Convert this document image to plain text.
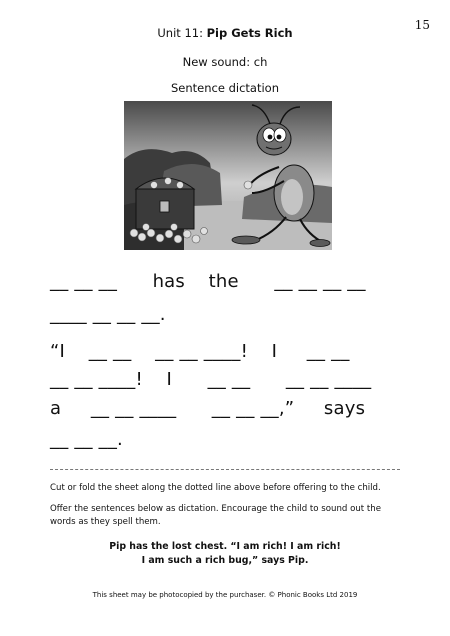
15
Unit 11: Pip Gets Rich
New sound: ch
Sentence dictation
__ __ __      has    the      __ __ __ __
____ __ __ __.
“I    __ __    __ __ ____!    I     __ __
__ __ ____!    I      __ __      __ __ ____
a     __ __ ____      __ __ __,”     says
__ __ __.
Cut or fold the sheet along the dotted line above before offering to the child.
Offer the sentences below as dictation. Encourage the child to sound out the words as they spell them.
Pip has the lost chest. “I am rich! I am rich!
I am such a rich bug,” says Pip.
This sheet may be photocopied by the purchaser. © Phonic Books Ltd 2019
